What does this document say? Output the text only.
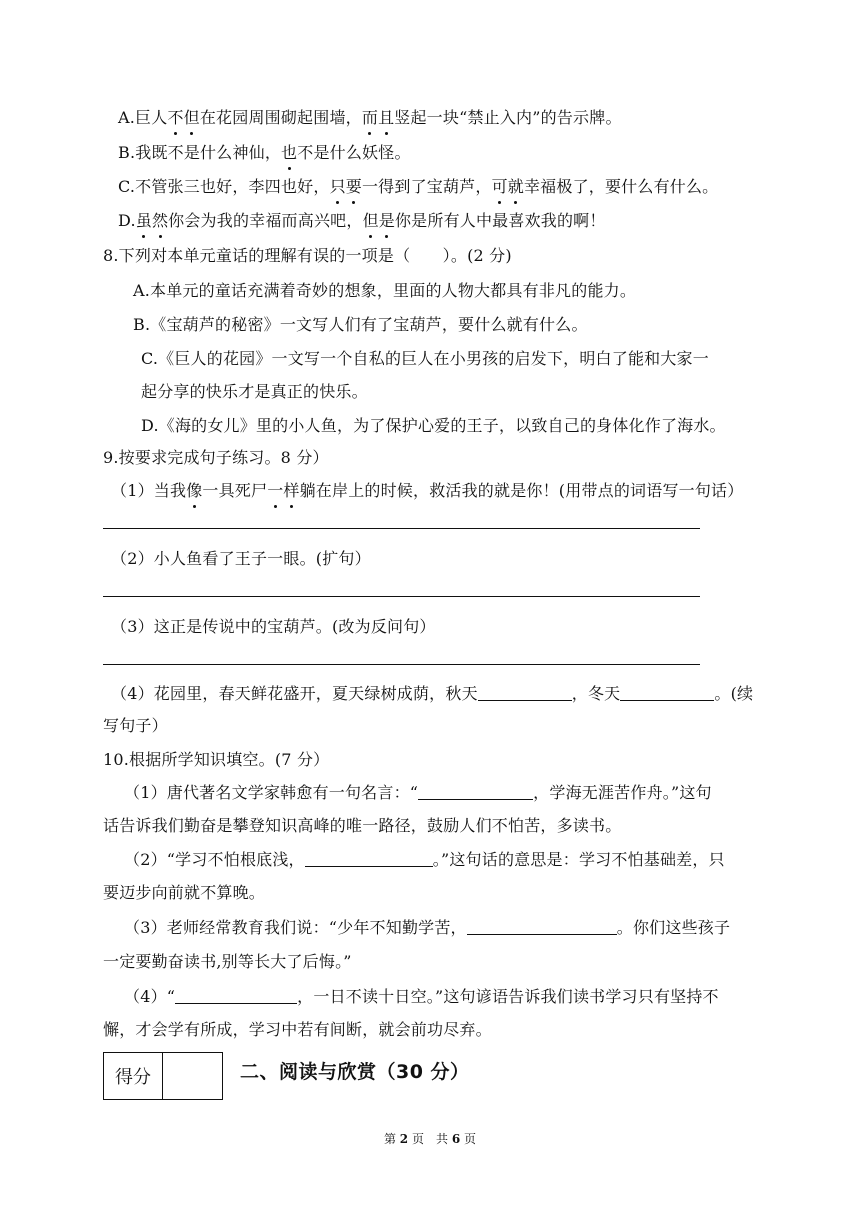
A.巨人不但在花园周围砌起围墙，而且竖起一块“禁止入内”的告示牌。
B.我既不是什么神仙，也不是什么妖怪。
C.不管张三也好，李四也好，只要一得到了宝葫芦，可就幸福极了，要什么有什么。
D.虽然你会为我的幸福而高兴吧，但是你是所有人中最喜欢我的啊！
8.下列对本单元童话的理解有误的一项是（　　）。(2 分)
A.本单元的童话充满着奇妙的想象，里面的人物大都具有非凡的能力。
B.《宝葫芦的秘密》一文写人们有了宝葫芦，要什么就有什么。
C.《巨人的花园》一文写一个自私的巨人在小男孩的启发下，明白了能和大家一
起分享的快乐才是真正的快乐。
D.《海的女儿》里的小人鱼，为了保护心爱的王子，以致自己的身体化作了海水。
9.按要求完成句子练习。8 分）
（1）当我像一具死尸一样躺在岸上的时候，救活我的就是你！(用带点的词语写一句话）
（2）小人鱼看了王子一眼。(扩句）
（3）这正是传说中的宝葫芦。(改为反问句）
（4）花园里，春天鲜花盛开，夏天绿树成荫，秋天	，冬天	。(续
写句子）
10.根据所学知识填空。(7 分）
（1）唐代著名文学家韩愈有一句名言：“	，学海无涯苦作舟。”这句
话告诉我们勤奋是攀登知识高峰的唯一路径，鼓励人们不怕苦，多读书。
（2）“学习不怕根底浅，	。”这句话的意思是：学习不怕基础差，只
要迈步向前就不算晚。
（3）老师经常教育我们说：“少年不知勤学苦，	。你们这些孩子
一定要勤奋读书,别等长大了后悔。”
（4）“	，一日不读十日空。”这句谚语告诉我们读书学习只有坚持不
懈，才会学有所成，学习中若有间断，就会前功尽弃。
得分	二、阅读与欣赏（30 分）
第 2 页　共 6 页
